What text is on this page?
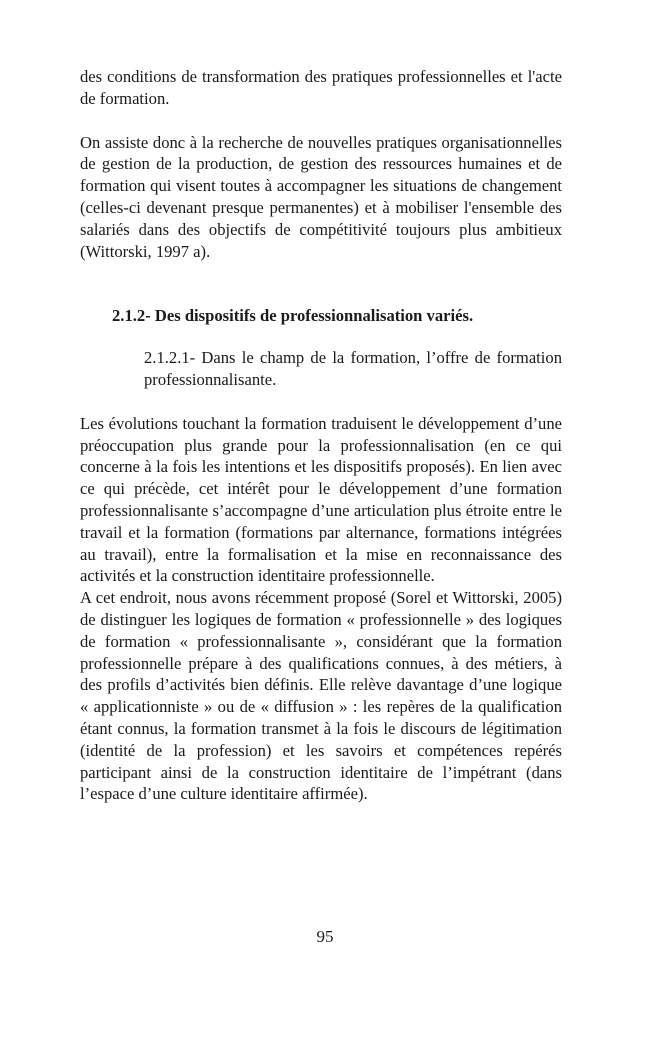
des conditions de transformation des pratiques professionnelles et l'acte de formation.

On assiste donc à la recherche de nouvelles pratiques organisationnelles de gestion de la production, de gestion des ressources humaines et de formation qui visent toutes à accompagner les situations de changement (celles-ci devenant presque permanentes) et à mobiliser l'ensemble des salariés dans des objectifs de compétitivité toujours plus ambitieux (Wittorski, 1997 a).

2.1.2- Des dispositifs de professionnalisation variés.

2.1.2.1- Dans le champ de la formation, l’offre de formation professionnalisante.

Les évolutions touchant la formation traduisent le développement d’une préoccupation plus grande pour la professionnalisation (en ce qui concerne à la fois les intentions et les dispositifs proposés). En lien avec ce qui précède, cet intérêt pour le développement d’une formation professionnalisante s’accompagne d’une articulation plus étroite entre le travail et la formation (formations par alternance, formations intégrées au travail), entre la formalisation et la mise en reconnaissance des activités et la construction identitaire professionnelle.

A cet endroit, nous avons récemment proposé (Sorel et Wittorski, 2005) de distinguer les logiques de formation « professionnelle » des logiques de formation « professionnalisante », considérant que la formation professionnelle prépare à des qualifications connues, à des métiers, à des profils d’activités bien définis. Elle relève davantage d’une logique « applicationniste » ou de « diffusion » : les repères de la qualification étant connus, la formation transmet à la fois le discours de légitimation (identité de la profession) et les savoirs et compétences repérés participant ainsi de la construction identitaire de l’impétrant (dans l’espace d’une culture identitaire affirmée).

95
